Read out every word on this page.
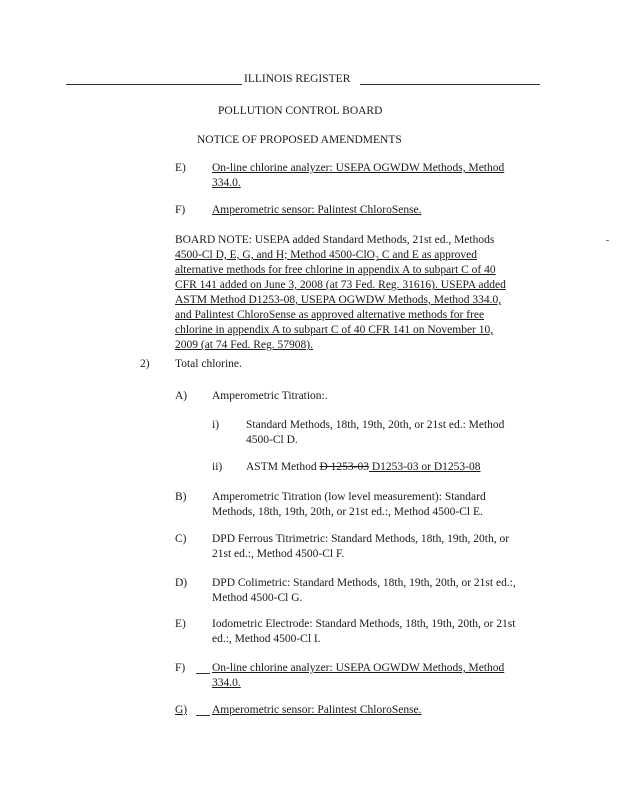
ILLINOIS REGISTER
POLLUTION CONTROL BOARD
NOTICE OF PROPOSED AMENDMENTS
E) On-line chlorine analyzer: USEPA OGWDW Methods, Method
334.0.
F) Amperometric sensor: Palintest ChloroSense.
BOARD NOTE: USEPA added Standard Methods, 21st ed., Methods
4500-Cl D, E, G, and H; Method 4500-ClO₂ C and E as approved
alternative methods for free chlorine in appendix A to subpart C of 40
CFR 141 added on June 3, 2008 (at 73 Fed. Reg. 31616). USEPA added
ASTM Method D1253-08, USEPA OGWDW Methods, Method 334.0,
and Palintest ChloroSense as approved alternative methods for free
chlorine in appendix A to subpart C of 40 CFR 141 on November 10,
2009 (at 74 Fed. Reg. 57908).
2) Total chlorine.
A) Amperometric Titration:.
i) Standard Methods, 18th, 19th, 20th, or 21st ed.: Method
4500-Cl D.
ii) ASTM Method D 1253-03 D1253-03 or D1253-08
B) Amperometric Titration (low level measurement): Standard
Methods, 18th, 19th, 20th, or 21st ed.:, Method 4500-Cl E.
C) DPD Ferrous Titrimetric: Standard Methods, 18th, 19th, 20th, or
21st ed.:, Method 4500-Cl F.
D) DPD Colimetric: Standard Methods, 18th, 19th, 20th, or 21st ed.:,
Method 4500-Cl G.
E) Iodometric Electrode: Standard Methods, 18th, 19th, 20th, or 21st
ed.:, Method 4500-Cl I.
F) On-line chlorine analyzer: USEPA OGWDW Methods, Method
334.0.
G) Amperometric sensor: Palintest ChloroSense.
